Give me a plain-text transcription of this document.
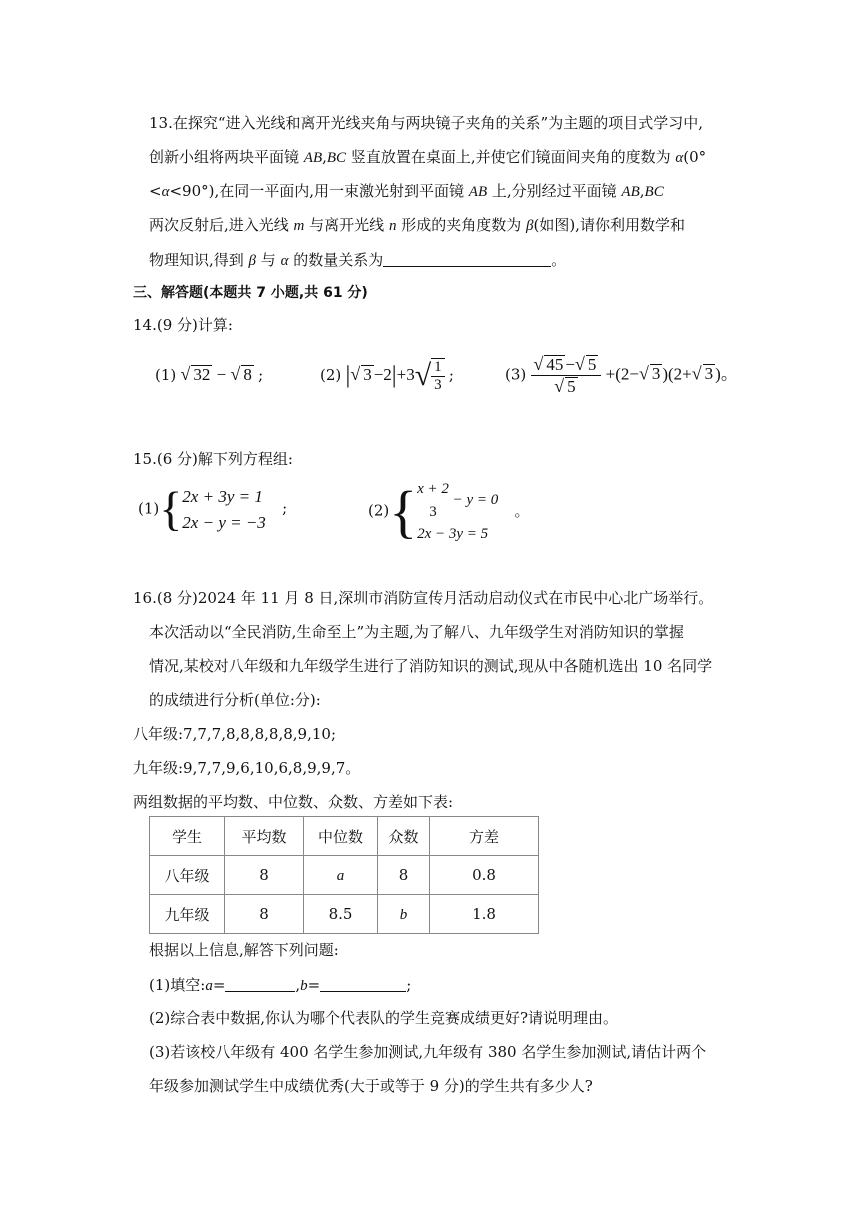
13.在探究“进入光线和离开光线夹角与两块镜子夹角的关系”为主题的项目式学习中,
创新小组将两块平面镜 AB,BC 竖直放置在桌面上,并使它们镜面间夹角的度数为 α(0°
<α<90°),在同一平面内,用一束激光射到平面镜 AB 上,分别经过平面镜 AB,BC
两次反射后,进入光线 m 与离开光线 n 形成的夹角度数为 β(如图),请你利用数学和
物理知识,得到 β 与 α 的数量关系为	。
三、解答题(本题共 7 小题,共 61 分)
14.(9 分)计算:
(1) √ 32 − √ 8 ;	(2) |√ $3 -2|+3√ \frac{1}{3}$ ;	$(3) \frac{√ 45 -√ 5}{√ 5} +(2-√$ 3 )(2+√ 3 )。
15.(6 分)解下列方程组:
(1){ 2x + 3y = 1
2x − y = −3
;	(2){ x + 2
3
− y = 0
2x − 3y = 5
。
16.(8 分)2024 年 11 月 8 日,深圳市消防宣传月活动启动仪式在市民中心北广场举行。
本次活动以“全民消防,生命至上”为主题,为了解八、九年级学生对消防知识的掌握
情况,某校对八年级和九年级学生进行了消防知识的测试,现从中各随机选出 10 名同学
的成绩进行分析(单位:分):
八年级:7,7,7,8,8,8,8,8,9,10;
九年级:9,7,7,9,6,10,6,8,9,9,7。
两组数据的平均数、中位数、众数、方差如下表:
学生	平均数	中位数	众数	方差
八年级	8	a	8	0.8
九年级	8	8.5	b	1.8
根据以上信息,解答下列问题:
(1)填空:a=	,b=	;
(2)综合表中数据,你认为哪个代表队的学生竞赛成绩更好?请说明理由。
(3)若该校八年级有 400 名学生参加测试,九年级有 380 名学生参加测试,请估计两个
年级参加测试学生中成绩优秀(大于或等于 9 分)的学生共有多少人?
